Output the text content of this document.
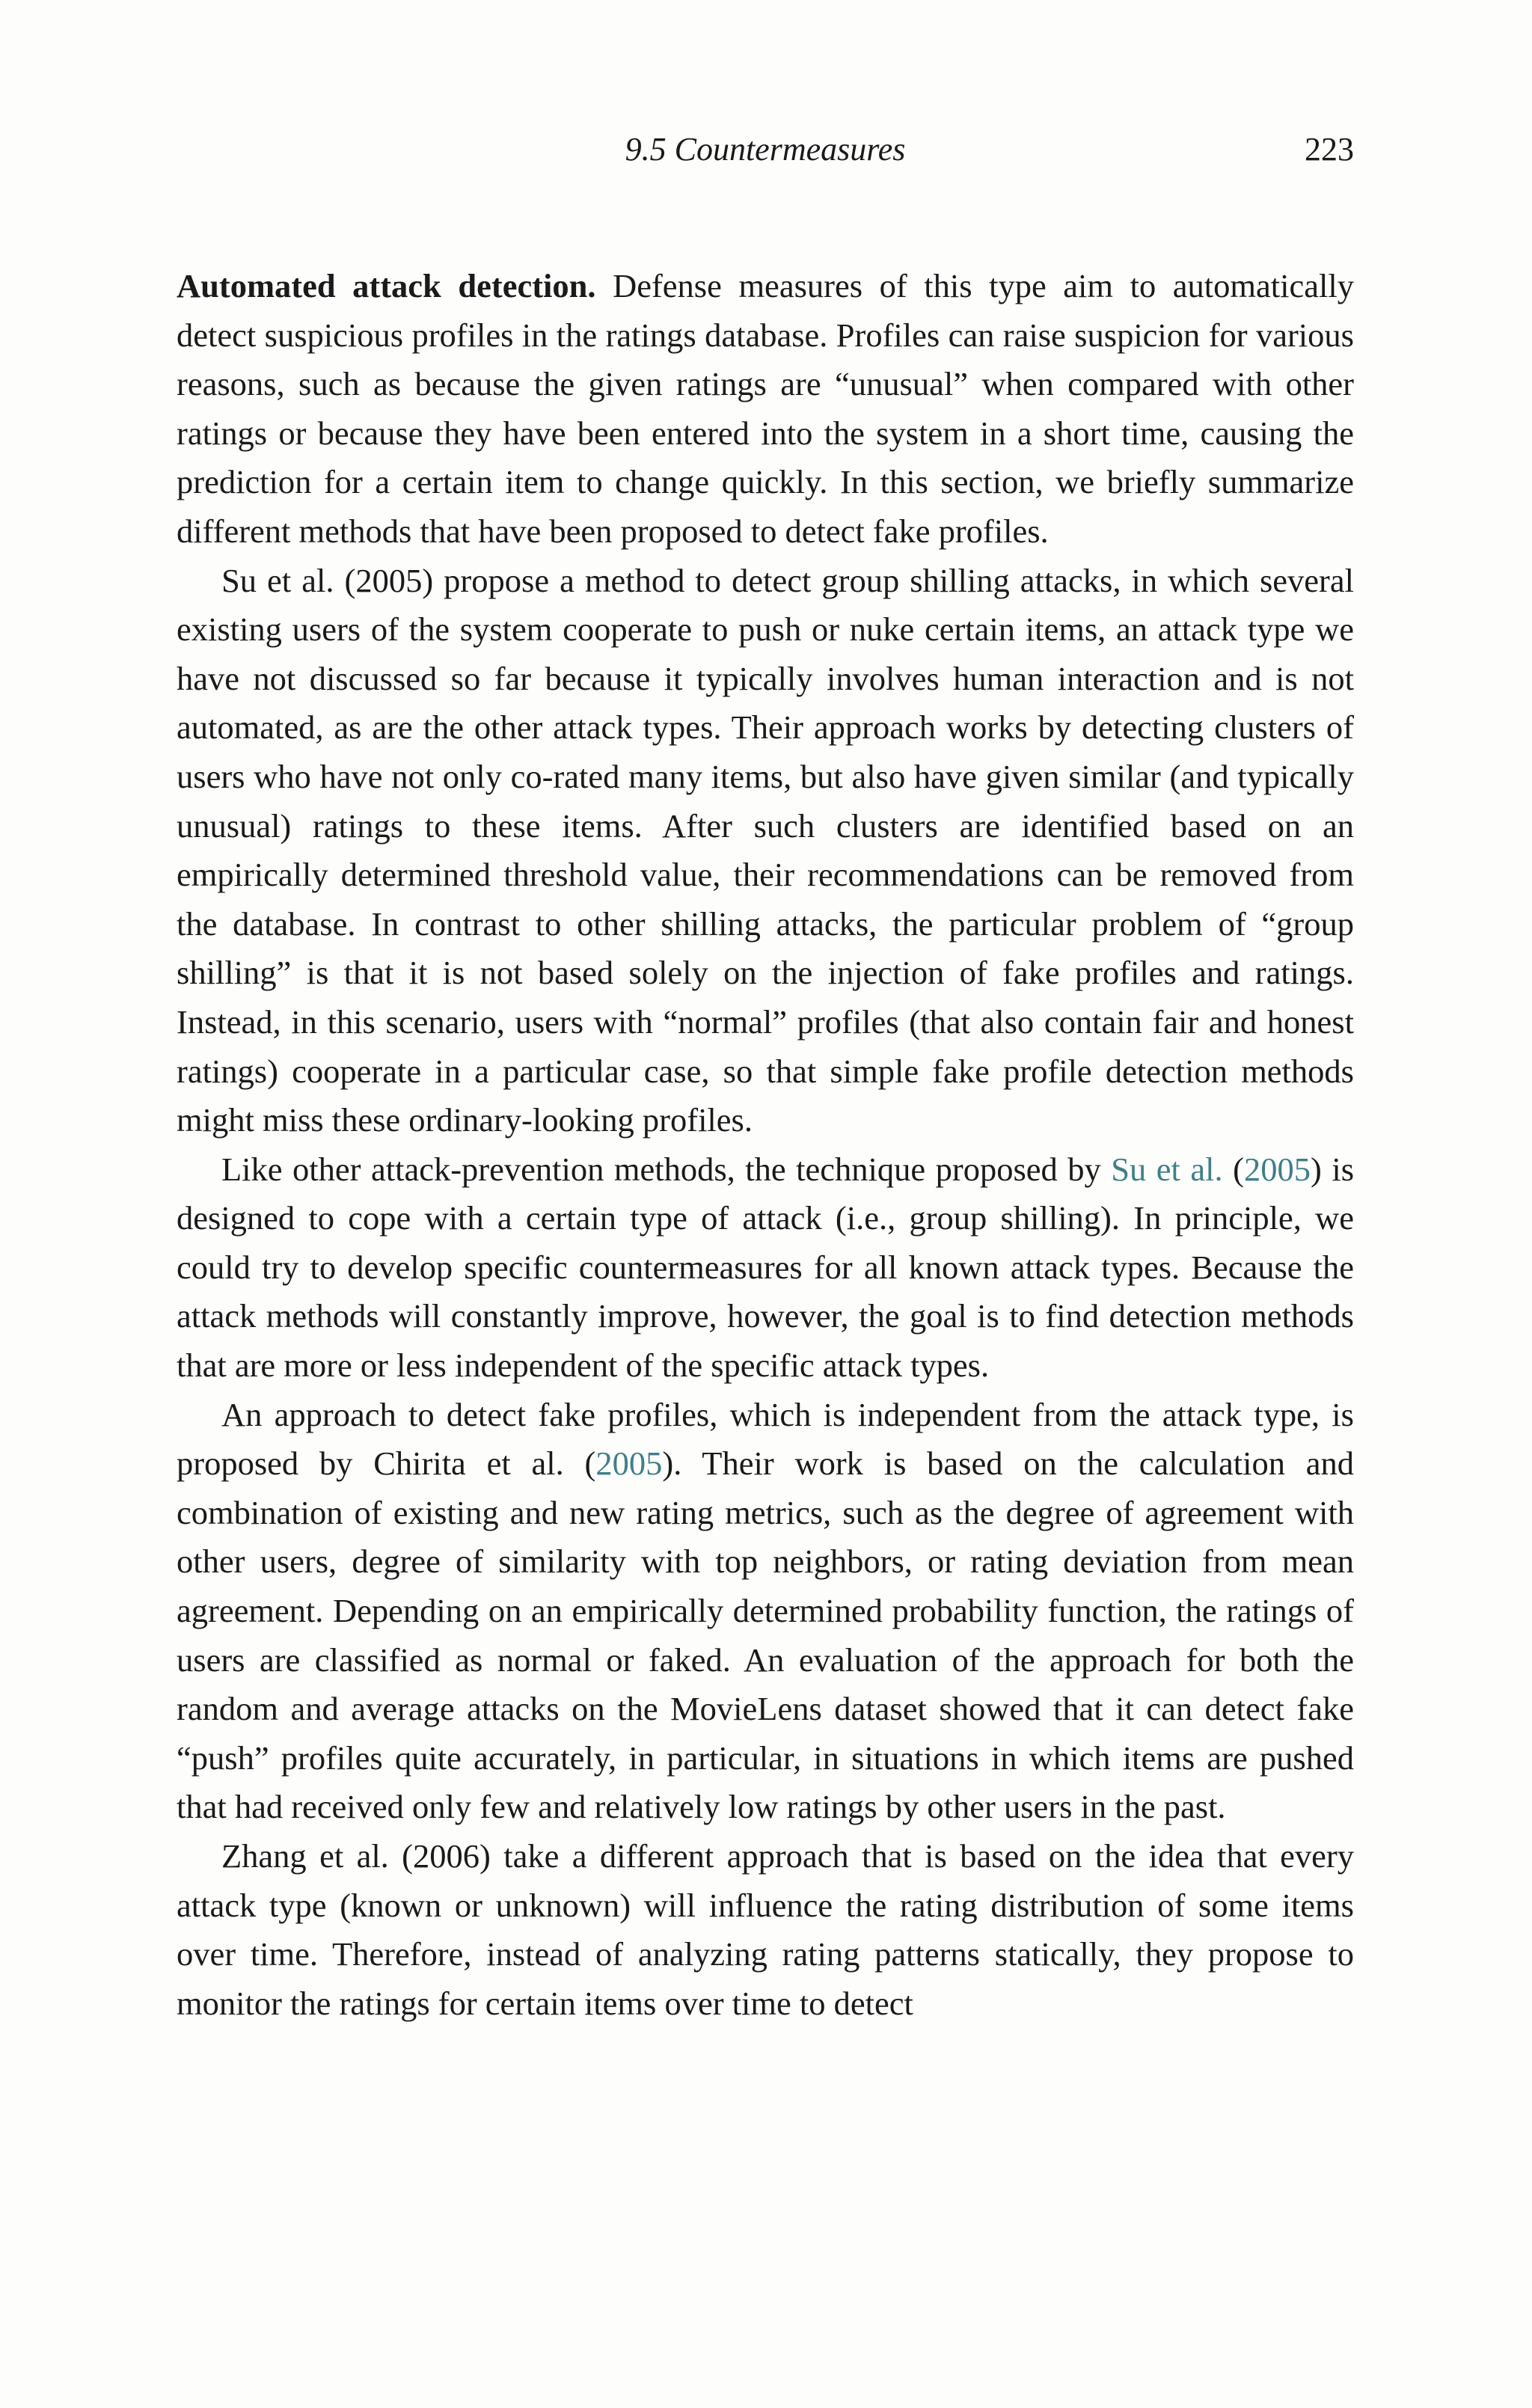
9.5 Countermeasures	223

Automated attack detection. Defense measures of this type aim to automatically detect suspicious profiles in the ratings database. Profiles can raise suspicion for various reasons, such as because the given ratings are “unusual” when compared with other ratings or because they have been entered into the system in a short time, causing the prediction for a certain item to change quickly. In this section, we briefly summarize different methods that have been proposed to detect fake profiles.

Su et al. (2005) propose a method to detect group shilling attacks, in which several existing users of the system cooperate to push or nuke certain items, an attack type we have not discussed so far because it typically involves human interaction and is not automated, as are the other attack types. Their approach works by detecting clusters of users who have not only co-rated many items, but also have given similar (and typically unusual) ratings to these items. After such clusters are identified based on an empirically determined threshold value, their recommendations can be removed from the database. In contrast to other shilling attacks, the particular problem of “group shilling” is that it is not based solely on the injection of fake profiles and ratings. Instead, in this scenario, users with “normal” profiles (that also contain fair and honest ratings) cooperate in a particular case, so that simple fake profile detection methods might miss these ordinary-looking profiles.

Like other attack-prevention methods, the technique proposed by Su et al. (2005) is designed to cope with a certain type of attack (i.e., group shilling). In principle, we could try to develop specific countermeasures for all known attack types. Because the attack methods will constantly improve, however, the goal is to find detection methods that are more or less independent of the specific attack types.

An approach to detect fake profiles, which is independent from the attack type, is proposed by Chirita et al. (2005). Their work is based on the calculation and combination of existing and new rating metrics, such as the degree of agreement with other users, degree of similarity with top neighbors, or rating deviation from mean agreement. Depending on an empirically determined probability function, the ratings of users are classified as normal or faked. An evaluation of the approach for both the random and average attacks on the MovieLens dataset showed that it can detect fake “push” profiles quite accurately, in particular, in situations in which items are pushed that had received only few and relatively low ratings by other users in the past.

Zhang et al. (2006) take a different approach that is based on the idea that every attack type (known or unknown) will influence the rating distribution of some items over time. Therefore, instead of analyzing rating patterns statically, they propose to monitor the ratings for certain items over time to detect
